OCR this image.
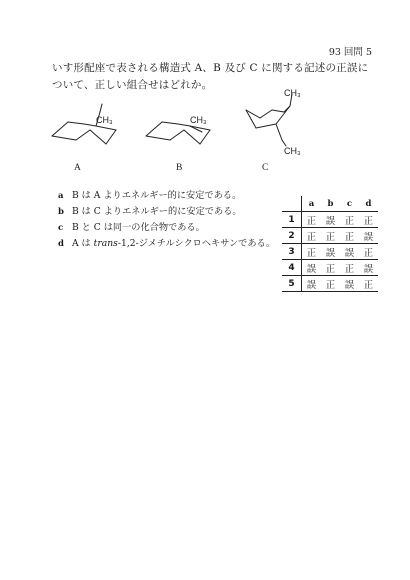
93 回問 5
いす形配座で表される構造式 A、B 及び C に関する記述の正誤について、正しい組合せはどれか。
CH₃
A
CH₃
B
CH₃
CH₃
C
a B は A よりエネルギー的に安定である。
b B は C よりエネルギー的に安定である。
c B と C は同一の化合物である。
d A は trans-1,2-ジメチルシクロヘキサンである。
	a	b	c	d
1	正	誤	正	正
2	正	正	正	誤
3	正	誤	誤	正
4	誤	正	正	誤
5	誤	正	誤	正
